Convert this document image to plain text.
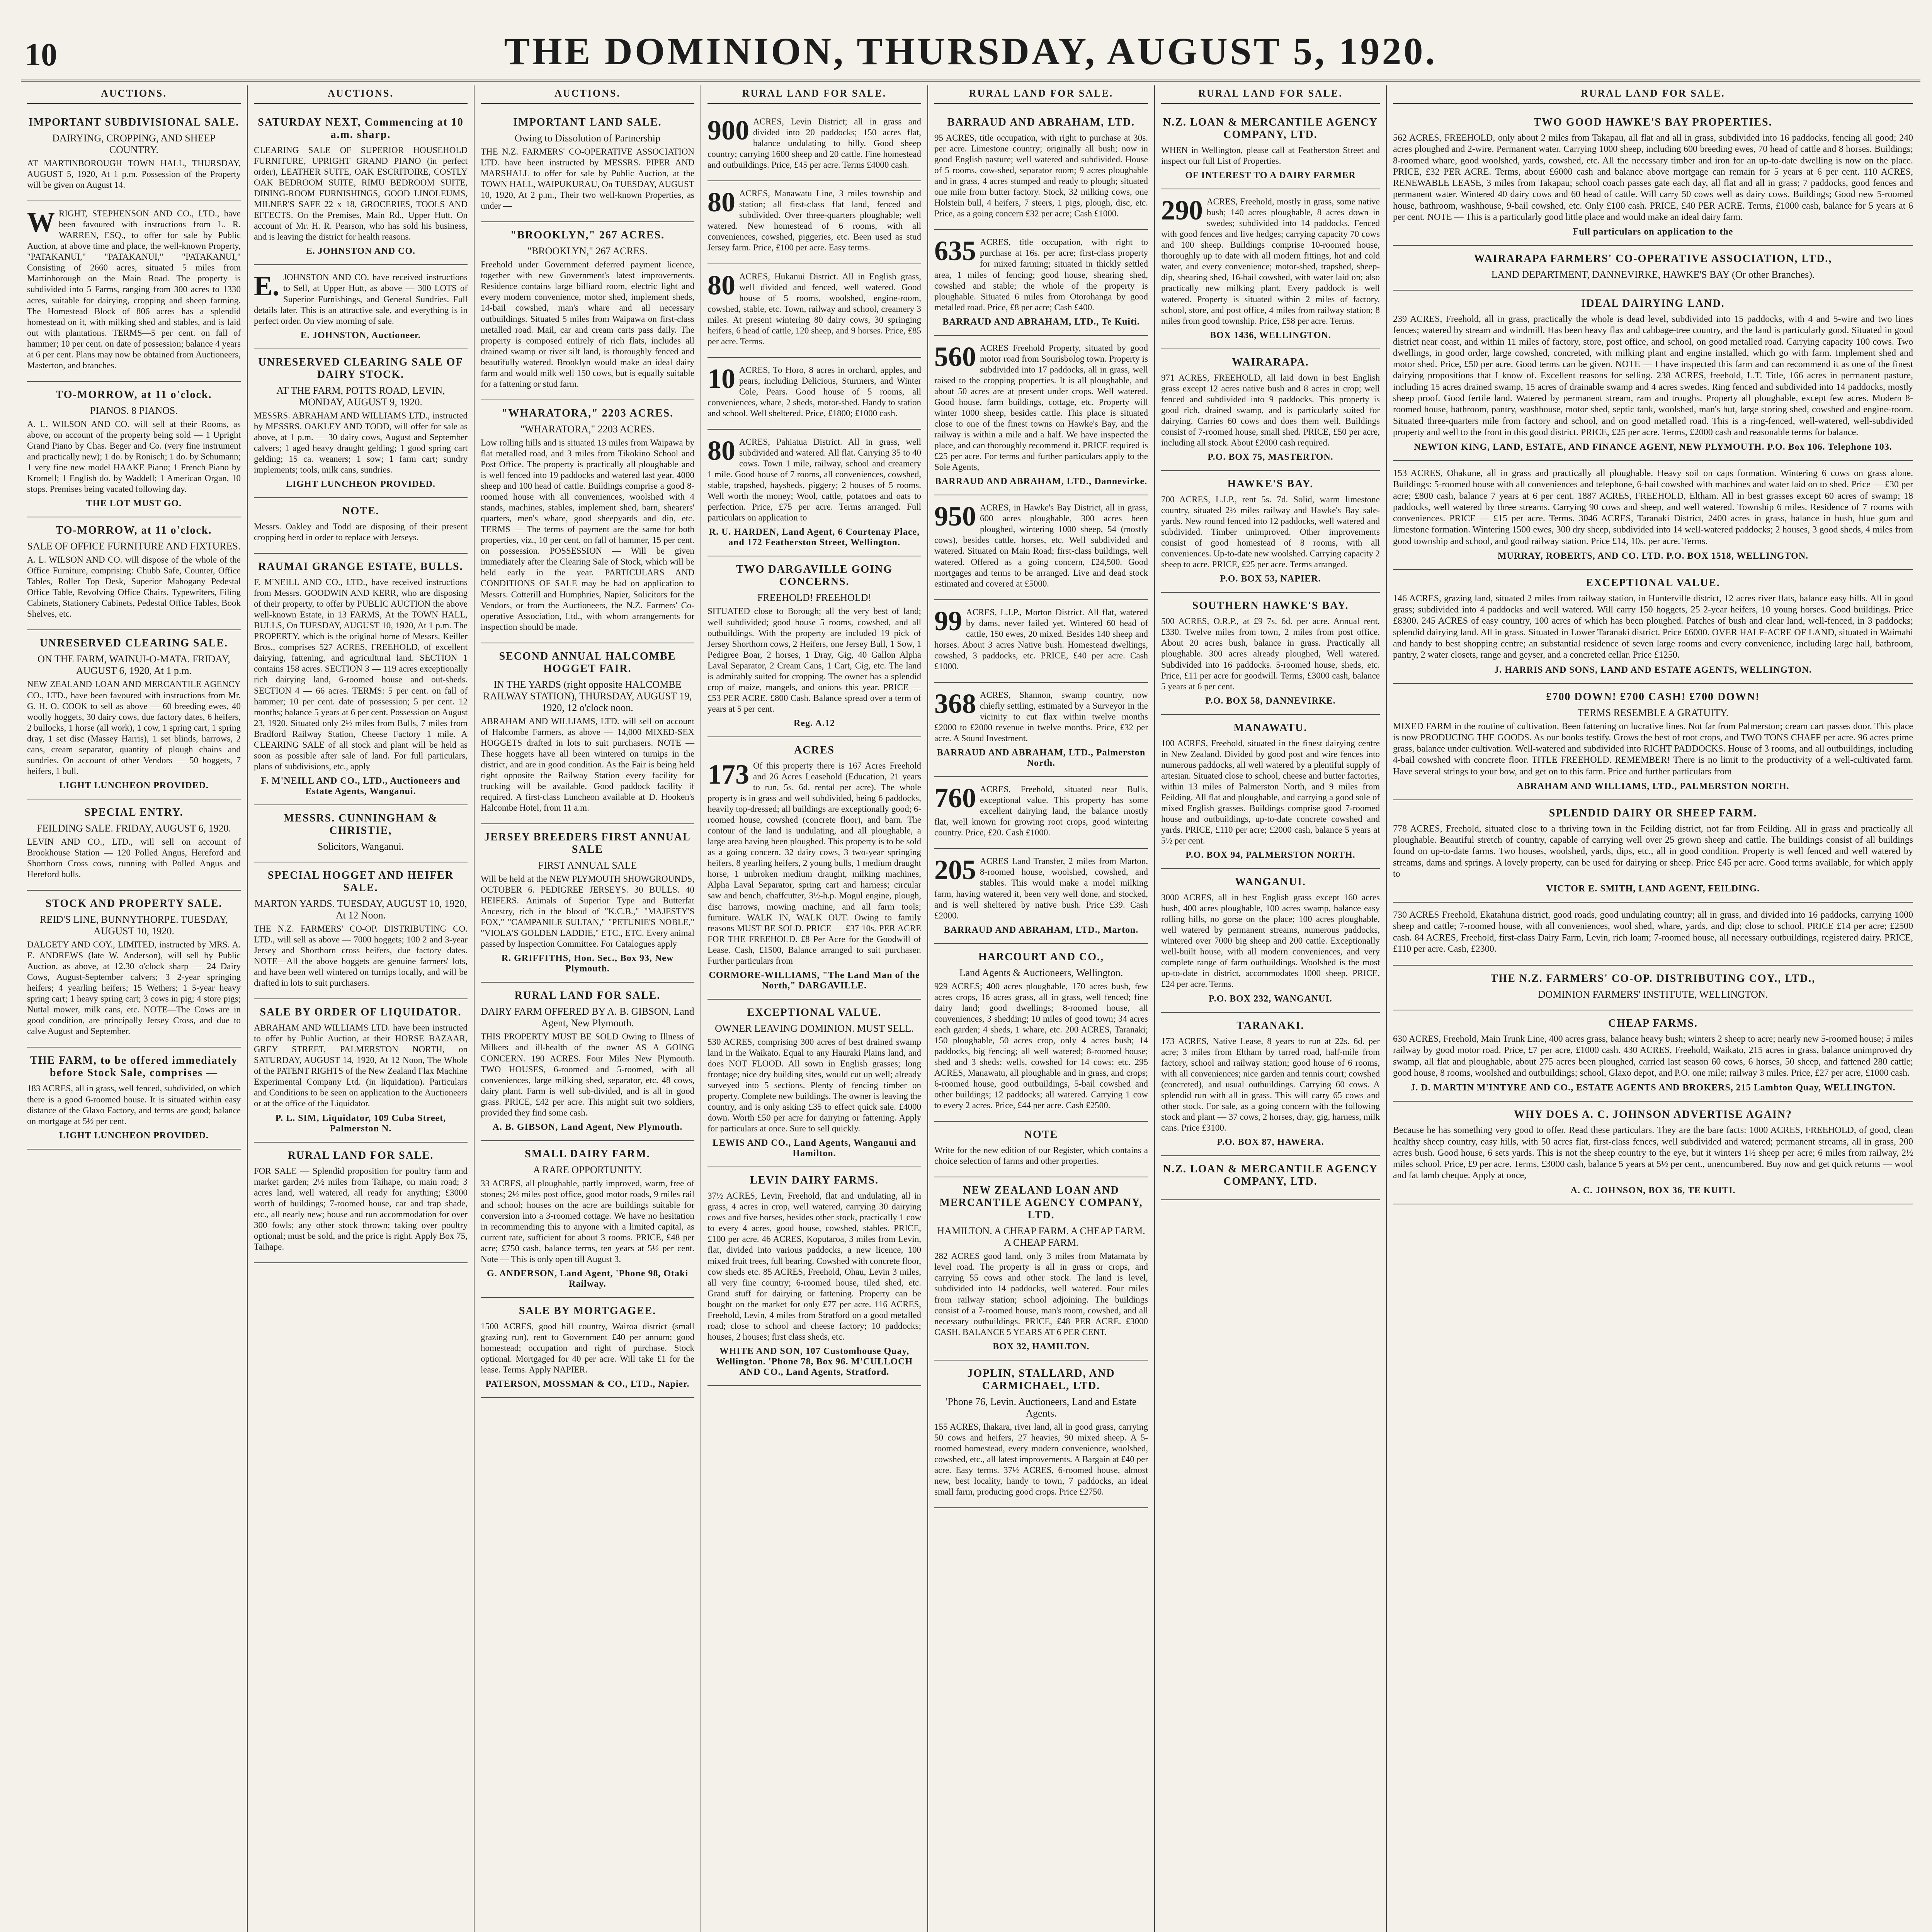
10	THE DOMINION, THURSDAY, AUGUST 5, 1920.
AUCTIONS.
IMPORTANT SUBDIVISIONAL SALE.
DAIRYING, CROPPING, AND SHEEP COUNTRY.
AT MARTINBOROUGH TOWN HALL, THURSDAY, AUGUST 5, 1920, At 1 p.m. Possession of the Property will be given on August 14.
WRIGHT, STEPHENSON AND CO., LTD., have been favoured with instructions from L. R. WARREN, ESQ., to offer for sale by Public Auction, at above time and place, the well-known Property, "PATAKANUI," "PATAKANUI," "PATAKANUI," Consisting of 2660 acres, situated 5 miles from Martinborough on the Main Road. The property is subdivided into 5 Farms, ranging from 300 acres to 1330 acres, suitable for dairying, cropping and sheep farming. The Homestead Block of 806 acres has a splendid homestead on it, with milking shed and stables, and is laid out with plantations. TERMS—5 per cent. on fall of hammer; 10 per cent. on date of possession; balance 4 years at 6 per cent. Plans may now be obtained from Auctioneers, Masterton, and branches.
TO-MORROW, at 11 o'clock.
PIANOS. 8 PIANOS.
A. L. WILSON AND CO. will sell at their Rooms, as above, on account of the property being sold — 1 Upright Grand Piano by Chas. Beger and Co. (very fine instrument and practically new); 1 do. by Ronisch; 1 do. by Schumann; 1 very fine new model HAAKE Piano; 1 French Piano by Kromell; 1 English do. by Waddell; 1 American Organ, 10 stops. Premises being vacated following day.
THE LOT MUST GO.
TO-MORROW, at 11 o'clock.
SALE OF OFFICE FURNITURE AND FIXTURES.
A. L. WILSON AND CO. will dispose of the whole of the Office Furniture, comprising: Chubb Safe, Counter, Office Tables, Roller Top Desk, Superior Mahogany Pedestal Office Table, Revolving Office Chairs, Typewriters, Filing Cabinets, Stationery Cabinets, Pedestal Office Tables, Book Shelves, etc.
UNRESERVED CLEARING SALE.
ON THE FARM, WAINUI-O-MATA. FRIDAY, AUGUST 6, 1920, At 1 p.m.
NEW ZEALAND LOAN AND MERCANTILE AGENCY CO., LTD., have been favoured with instructions from Mr. G. H. O. COOK to sell as above — 60 breeding ewes, 40 woolly hoggets, 30 dairy cows, due factory dates, 6 heifers, 2 bullocks, 1 horse (all work), 1 cow, 1 spring cart, 1 spring dray, 1 set disc (Massey Harris), 1 set blinds, harrows, 2 cans, cream separator, quantity of plough chains and sundries. On account of other Vendors — 50 hoggets, 7 heifers, 1 bull.
LIGHT LUNCHEON PROVIDED.
SPECIAL ENTRY.
FEILDING SALE. FRIDAY, AUGUST 6, 1920.
LEVIN AND CO., LTD., will sell on account of Brookhouse Station — 120 Polled Angus, Hereford and Shorthorn Cross cows, running with Polled Angus and Hereford bulls.
STOCK AND PROPERTY SALE.
REID'S LINE, BUNNYTHORPE. TUESDAY, AUGUST 10, 1920.
DALGETY AND COY., LIMITED, instructed by MRS. A. E. ANDREWS (late W. Anderson), will sell by Public Auction, as above, at 12.30 o'clock sharp — 24 Dairy Cows, August-September calvers; 3 2-year springing heifers; 4 yearling heifers; 15 Wethers; 1 5-year heavy spring cart; 1 heavy spring cart; 3 cows in pig; 4 store pigs; Nuttal mower, milk cans, etc. NOTE—The Cows are in good condition, are principally Jersey Cross, and due to calve August and September.
THE FARM, to be offered immediately before Stock Sale, comprises —
183 ACRES, all in grass, well fenced, subdivided, on which there is a good 6-roomed house. It is situated within easy distance of the Glaxo Factory, and terms are good; balance on mortgage at 5½ per cent.
LIGHT LUNCHEON PROVIDED.
AUCTIONS.
SATURDAY NEXT, Commencing at 10 a.m. sharp.
CLEARING SALE OF SUPERIOR HOUSEHOLD FURNITURE, UPRIGHT GRAND PIANO (in perfect order), LEATHER SUITE, OAK ESCRITOIRE, COSTLY OAK BEDROOM SUITE, RIMU BEDROOM SUITE, DINING-ROOM FURNISHINGS, GOOD LINOLEUMS, MILNER'S SAFE 22 x 18, GROCERIES, TOOLS AND EFFECTS. On the Premises, Main Rd., Upper Hutt. On account of Mr. H. R. Pearson, who has sold his business, and is leaving the district for health reasons.
E. JOHNSTON AND CO.
E. JOHNSTON AND CO. have received instructions to Sell, at Upper Hutt, as above — 300 LOTS of Superior Furnishings, and General Sundries. Full details later. This is an attractive sale, and everything is in perfect order. On view morning of sale.
E. JOHNSTON, Auctioneer.
UNRESERVED CLEARING SALE OF DAIRY STOCK.
AT THE FARM, POTTS ROAD, LEVIN, MONDAY, AUGUST 9, 1920.
MESSRS. ABRAHAM AND WILLIAMS LTD., instructed by MESSRS. OAKLEY AND TODD, will offer for sale as above, at 1 p.m. — 30 dairy cows, August and September calvers; 1 aged heavy draught gelding; 1 good spring cart gelding; 15 ca. weaners; 1 sow; 1 farm cart; sundry implements; tools, milk cans, sundries.
LIGHT LUNCHEON PROVIDED.
NOTE.
Messrs. Oakley and Todd are disposing of their present cropping herd in order to replace with Jerseys.
RAUMAI GRANGE ESTATE, BULLS.
F. M'NEILL AND CO., LTD., have received instructions from Messrs. GOODWIN AND KERR, who are disposing of their property, to offer by PUBLIC AUCTION the above well-known Estate, in 13 FARMS, At the TOWN HALL, BULLS, On TUESDAY, AUGUST 10, 1920, At 1 p.m. The PROPERTY, which is the original home of Messrs. Keiller Bros., comprises 527 ACRES, FREEHOLD, of excellent dairying, fattening, and agricultural land. SECTION 1 contains 158 acres. SECTION 3 — 119 acres exceptionally rich dairying land, 6-roomed house and out-sheds. SECTION 4 — 66 acres. TERMS: 5 per cent. on fall of hammer; 10 per cent. date of possession; 5 per cent. 12 months; balance 5 years at 6 per cent. Possession on August 23, 1920. Situated only 2½ miles from Bulls, 7 miles from Bradford Railway Station, Cheese Factory 1 mile. A CLEARING SALE of all stock and plant will be held as soon as possible after sale of land. For full particulars, plans of subdivisions, etc., apply
F. M'NEILL AND CO., LTD., Auctioneers and Estate Agents, Wanganui.
MESSRS. CUNNINGHAM & CHRISTIE,
Solicitors, Wanganui.
SPECIAL HOGGET AND HEIFER SALE.
MARTON YARDS. TUESDAY, AUGUST 10, 1920, At 12 Noon.
THE N.Z. FARMERS' CO-OP. DISTRIBUTING CO. LTD., will sell as above — 7000 hoggets; 100 2 and 3-year Jersey and Shorthorn cross heifers, due factory dates. NOTE—All the above hoggets are genuine farmers' lots, and have been well wintered on turnips locally, and will be drafted in lots to suit purchasers.
SALE BY ORDER OF LIQUIDATOR.
ABRAHAM AND WILLIAMS LTD. have been instructed to offer by Public Auction, at their HORSE BAZAAR, GREY STREET, PALMERSTON NORTH, on SATURDAY, AUGUST 14, 1920, At 12 Noon, The Whole of the PATENT RIGHTS of the New Zealand Flax Machine Experimental Company Ltd. (in liquidation). Particulars and Conditions to be seen on application to the Auctioneers or at the office of the Liquidator.
P. L. SIM, Liquidator, 109 Cuba Street, Palmerston N.
RURAL LAND FOR SALE.
FOR SALE — Splendid proposition for poultry farm and market garden; 2½ miles from Taihape, on main road; 3 acres land, well watered, all ready for anything; £3000 worth of buildings; 7-roomed house, car and trap shade, etc., all nearly new; house and run accommodation for over 300 fowls; any other stock thrown; taking over poultry optional; must be sold, and the price is right. Apply Box 75, Taihape.
AUCTIONS.
IMPORTANT LAND SALE.
Owing to Dissolution of Partnership
THE N.Z. FARMERS' CO-OPERATIVE ASSOCIATION LTD. have been instructed by MESSRS. PIPER AND MARSHALL to offer for sale by Public Auction, at the TOWN HALL, WAIPUKURAU, On TUESDAY, AUGUST 10, 1920, At 2 p.m., Their two well-known Properties, as under —
"BROOKLYN," 267 ACRES.
"BROOKLYN," 267 ACRES.
Freehold under Government deferred payment licence, together with new Government's latest improvements. Residence contains large billiard room, electric light and every modern convenience, motor shed, implement sheds, 14-bail cowshed, man's whare and all necessary outbuildings. Situated 5 miles from Waipawa on first-class metalled road. Mail, car and cream carts pass daily. The property is composed entirely of rich flats, includes all drained swamp or river silt land, is thoroughly fenced and beautifully watered. Brooklyn would make an ideal dairy farm and would milk well 150 cows, but is equally suitable for a fattening or stud farm.
"WHARATORA," 2203 ACRES.
"WHARATORA," 2203 ACRES.
Low rolling hills and is situated 13 miles from Waipawa by flat metalled road, and 3 miles from Tikokino School and Post Office. The property is practically all ploughable and is well fenced into 19 paddocks and watered last year. 4000 sheep and 100 head of cattle. Buildings comprise a good 8-roomed house with all conveniences, woolshed with 4 stands, machines, stables, implement shed, barn, shearers' quarters, men's whare, good sheepyards and dip, etc. TERMS — The terms of payment are the same for both properties, viz., 10 per cent. on fall of hammer, 15 per cent. on possession. POSSESSION — Will be given immediately after the Clearing Sale of Stock, which will be held early in the year. PARTICULARS AND CONDITIONS OF SALE may be had on application to Messrs. Cotterill and Humphries, Napier, Solicitors for the Vendors, or from the Auctioneers, the N.Z. Farmers' Co-operative Association, Ltd., with whom arrangements for inspection should be made.
SECOND ANNUAL HALCOMBE HOGGET FAIR.
IN THE YARDS (right opposite HALCOMBE RAILWAY STATION), THURSDAY, AUGUST 19, 1920, 12 o'clock noon.
ABRAHAM AND WILLIAMS, LTD. will sell on account of Halcombe Farmers, as above — 14,000 MIXED-SEX HOGGETS drafted in lots to suit purchasers. NOTE — These hoggets have all been wintered on turnips in the district, and are in good condition. As the Fair is being held right opposite the Railway Station every facility for trucking will be available. Good paddock facility if required. A first-class Luncheon available at D. Hooken's Halcombe Hotel, from 11 a.m.
JERSEY BREEDERS FIRST ANNUAL SALE
FIRST ANNUAL SALE
Will be held at the NEW PLYMOUTH SHOWGROUNDS, OCTOBER 6. PEDIGREE JERSEYS. 30 BULLS. 40 HEIFERS. Animals of Superior Type and Butterfat Ancestry, rich in the blood of "K.C.B.," "MAJESTY'S FOX," "CAMPANILE SULTAN," "PETUNIE'S NOBLE," "VIOLA'S GOLDEN LADDIE," ETC., ETC. Every animal passed by Inspection Committee. For Catalogues apply
R. GRIFFITHS, Hon. Sec., Box 93, New Plymouth.
RURAL LAND FOR SALE.
DAIRY FARM OFFERED BY A. B. GIBSON, Land Agent, New Plymouth.
THIS PROPERTY MUST BE SOLD Owing to Illness of Milkers and ill-health of the owner AS A GOING CONCERN. 190 ACRES. Four Miles New Plymouth. TWO HOUSES, 6-roomed and 5-roomed, with all conveniences, large milking shed, separator, etc. 48 cows, dairy plant. Farm is well sub-divided, and is all in good grass. PRICE, £42 per acre. This might suit two soldiers, provided they find some cash.
A. B. GIBSON, Land Agent, New Plymouth.
SMALL DAIRY FARM.
A RARE OPPORTUNITY.
33 ACRES, all ploughable, partly improved, warm, free of stones; 2½ miles post office, good motor roads, 9 miles rail and school; houses on the acre are buildings suitable for conversion into a 3-roomed cottage. We have no hesitation in recommending this to anyone with a limited capital, as current rate, sufficient for about 3 rooms. PRICE, £48 per acre; £750 cash, balance terms, ten years at 5½ per cent. Note — This is only open till August 3.
G. ANDERSON, Land Agent, 'Phone 98, Otaki Railway.
SALE BY MORTGAGEE.
1500 ACRES, good hill country, Wairoa district (small grazing run), rent to Government £40 per annum; good homestead; occupation and right of purchase. Stock optional. Mortgaged for 40 per acre. Will take £1 for the lease. Terms. Apply NAPIER.
PATERSON, MOSSMAN & CO., LTD., Napier.
RURAL LAND FOR SALE.
900 ACRES, Levin District; all in grass and divided into 20 paddocks; 150 acres flat, balance undulating to hilly. Good sheep country; carrying 1600 sheep and 20 cattle. Fine homestead and outbuildings. Price, £45 per acre. Terms £4000 cash.
80 ACRES, Manawatu Line, 3 miles township and station; all first-class flat land, fenced and subdivided. Over three-quarters ploughable; well watered. New homestead of 6 rooms, with all conveniences, cowshed, piggeries, etc. Been used as stud Jersey farm. Price, £100 per acre. Easy terms.
80 ACRES, Hukanui District. All in English grass, well divided and fenced, well watered. Good house of 5 rooms, woolshed, engine-room, cowshed, stable, etc. Town, railway and school, creamery 3 miles. At present wintering 80 dairy cows, 30 springing heifers, 6 head of cattle, 120 sheep, and 9 horses. Price, £85 per acre. Terms.
10 ACRES, To Horo, 8 acres in orchard, apples, and pears, including Delicious, Sturmers, and Winter Cole, Pears. Good house of 5 rooms, all conveniences, whare, 2 sheds, motor-shed. Handy to station and school. Well sheltered. Price, £1800; £1000 cash.
80 ACRES, Pahiatua District. All in grass, well subdivided and watered. All flat. Carrying 35 to 40 cows. Town 1 mile, railway, school and creamery 1 mile. Good house of 7 rooms, all conveniences, cowshed, stable, trapshed, haysheds, piggery; 2 houses of 5 rooms. Well worth the money; Wool, cattle, potatoes and oats to perfection. Price, £75 per acre. Terms arranged. Full particulars on application to
R. U. HARDEN, Land Agent, 6 Courtenay Place, and 172 Featherston Street, Wellington.
TWO DARGAVILLE GOING CONCERNS.
FREEHOLD! FREEHOLD!
SITUATED close to Borough; all the very best of land; well subdivided; good house 5 rooms, cowshed, and all outbuildings. With the property are included 19 pick of Jersey Shorthorn cows, 2 Heifers, one Jersey Bull, 1 Sow, 1 Pedigree Boar, 2 horses, 1 Dray, Gig, 40 Gallon Alpha Laval Separator, 2 Cream Cans, 1 Cart, Gig, etc. The land is admirably suited for cropping. The owner has a splendid crop of maize, mangels, and onions this year. PRICE — £53 PER ACRE. £800 Cash. Balance spread over a term of years at 5 per cent.
Reg. A.12
ACRES
173 Of this property there is 167 Acres Freehold and 26 Acres Leasehold (Education, 21 years to run, 5s. 6d. rental per acre). The whole property is in grass and well subdivided, being 6 paddocks, heavily top-dressed; all buildings are exceptionally good; 6-roomed house, cowshed (concrete floor), and barn. The contour of the land is undulating, and all ploughable, a large area having been ploughed. This property is to be sold as a going concern. 32 dairy cows, 3 two-year springing heifers, 8 yearling heifers, 2 young bulls, 1 medium draught horse, 1 unbroken medium draught, milking machines, Alpha Laval Separator, spring cart and harness; circular saw and bench, chaffcutter, 3½-h.p. Mogul engine, plough, disc harrows, mowing machine, and all farm tools; furniture. WALK IN, WALK OUT. Owing to family reasons MUST BE SOLD. PRICE — £37 10s. PER ACRE FOR THE FREEHOLD. £8 Per Acre for the Goodwill of Lease. Cash, £1500, Balance arranged to suit purchaser. Further particulars from
CORMORE-WILLIAMS, "The Land Man of the North," DARGAVILLE.
EXCEPTIONAL VALUE.
OWNER LEAVING DOMINION. MUST SELL.
530 ACRES, comprising 300 acres of best drained swamp land in the Waikato. Equal to any Hauraki Plains land, and does NOT FLOOD. All sown in English grasses; long frontage; nice dry building sites, would cut up well; already surveyed into 5 sections. Plenty of fencing timber on property. Complete new buildings. The owner is leaving the country, and is only asking £35 to effect quick sale. £4000 down. Worth £50 per acre for dairying or fattening. Apply for particulars at once. Sure to sell quickly.
LEWIS AND CO., Land Agents, Wanganui and Hamilton.
LEVIN DAIRY FARMS.
37½ ACRES, Levin, Freehold, flat and undulating, all in grass, 4 acres in crop, well watered, carrying 30 dairying cows and five horses, besides other stock, practically 1 cow to every 4 acres, good house, cowshed, stables. PRICE, £100 per acre. 46 ACRES, Koputaroa, 3 miles from Levin, flat, divided into various paddocks, a new licence, 100 mixed fruit trees, full bearing. Cowshed with concrete floor, cow sheds etc. 85 ACRES, Freehold, Ohau, Levin 3 miles, all very fine country; 6-roomed house, tiled shed, etc. Grand stuff for dairying or fattening. Property can be bought on the market for only £77 per acre. 116 ACRES, Freehold, Levin, 4 miles from Stratford on a good metalled road; close to school and cheese factory; 10 paddocks; houses, 2 houses; first class sheds, etc.
WHITE AND SON, 107 Customhouse Quay, Wellington. 'Phone 78, Box 96. M'CULLOCH AND CO., Land Agents, Stratford.
RURAL LAND FOR SALE.
BARRAUD AND ABRAHAM, LTD.
95 ACRES, title occupation, with right to purchase at 30s. per acre. Limestone country; originally all bush; now in good English pasture; well watered and subdivided. House of 5 rooms, cow-shed, separator room; 9 acres ploughable and in grass, 4 acres stumped and ready to plough; situated one mile from butter factory. Stock, 32 milking cows, one Holstein bull, 4 heifers, 7 steers, 1 pigs, plough, disc, etc. Price, as a going concern £32 per acre; Cash £1000.
635 ACRES, title occupation, with right to purchase at 16s. per acre; first-class property for mixed farming; situated in thickly settled area, 1 miles of fencing; good house, shearing shed, cowshed and stable; the whole of the property is ploughable. Situated 6 miles from Otorohanga by good metalled road. Price, £8 per acre; Cash £400.
BARRAUD AND ABRAHAM, LTD., Te Kuiti.
560 ACRES Freehold Property, situated by good motor road from Sourisbolog town. Property is subdivided into 17 paddocks, all in grass, well raised to the cropping properties. It is all ploughable, and about 50 acres are at present under crops. Well watered. Good house, farm buildings, cottage, etc. Property will winter 1000 sheep, besides cattle. This place is situated close to one of the finest towns on Hawke's Bay, and the railway is within a mile and a half. We have inspected the place, and can thoroughly recommend it. PRICE required is £25 per acre. For terms and further particulars apply to the Sole Agents,
BARRAUD AND ABRAHAM, LTD., Dannevirke.
950 ACRES, in Hawke's Bay District, all in grass, 600 acres ploughable, 300 acres been ploughed, wintering 1000 sheep, 54 (mostly cows), besides cattle, horses, etc. Well subdivided and watered. Situated on Main Road; first-class buildings, well watered. Offered as a going concern, £24,500. Good mortgages and terms to be arranged. Live and dead stock estimated and covered at £5000.
99 ACRES, L.I.P., Morton District. All flat, watered by dams, never failed yet. Wintered 60 head of cattle, 150 ewes, 20 mixed. Besides 140 sheep and horses. About 3 acres Native bush. Homestead dwellings, cowshed, 3 paddocks, etc. PRICE, £40 per acre. Cash £1000.
368 ACRES, Shannon, swamp country, now chiefly settling, estimated by a Surveyor in the vicinity to cut flax within twelve months £2000 to £2000 revenue in twelve months. Price, £32 per acre. A Sound Investment.
BARRAUD AND ABRAHAM, LTD., Palmerston North.
760 ACRES, Freehold, situated near Bulls, exceptional value. This property has some excellent dairying land, the balance mostly flat, well known for growing root crops, good wintering country. Price, £20. Cash £1000.
205 ACRES Land Transfer, 2 miles from Marton, 8-roomed house, woolshed, cowshed, and stables. This would make a model milking farm, having watered it, been very well done, and stocked, and is well sheltered by native bush. Price £39. Cash £2000.
BARRAUD AND ABRAHAM, LTD., Marton.
HARCOURT AND CO.,
Land Agents & Auctioneers, Wellington.
929 ACRES; 400 acres ploughable, 170 acres bush, few acres crops, 16 acres grass, all in grass, well fenced; fine dairy land; good dwellings; 8-roomed house, all conveniences, 3 shedding; 10 miles of good town; 34 acres each garden; 4 sheds, 1 whare, etc. 200 ACRES, Taranaki; 150 ploughable, 50 acres crop, only 4 acres bush; 14 paddocks, big fencing; all well watered; 8-roomed house; shed and 3 sheds; wells, cowshed for 14 cows; etc. 295 ACRES, Manawatu, all ploughable and in grass, and crops; 6-roomed house, good outbuildings, 5-bail cowshed and other buildings; 12 paddocks; all watered. Carrying 1 cow to every 2 acres. Price, £44 per acre. Cash £2500.
NOTE
Write for the new edition of our Register, which contains a choice selection of farms and other properties.
NEW ZEALAND LOAN AND MERCANTILE AGENCY COMPANY, LTD.
HAMILTON. A CHEAP FARM. A CHEAP FARM. A CHEAP FARM.
282 ACRES good land, only 3 miles from Matamata by level road. The property is all in grass or crops, and carrying 55 cows and other stock. The land is level, subdivided into 14 paddocks, well watered. Four miles from railway station; school adjoining. The buildings consist of a 7-roomed house, man's room, cowshed, and all necessary outbuildings. PRICE, £48 PER ACRE. £3000 CASH. BALANCE 5 YEARS AT 6 PER CENT.
BOX 32, HAMILTON.
JOPLIN, STALLARD, AND CARMICHAEL, LTD.
'Phone 76, Levin. Auctioneers, Land and Estate Agents.
155 ACRES, Ihakara, river land, all in good grass, carrying 50 cows and heifers, 27 heavies, 90 mixed sheep. A 5-roomed homestead, every modern convenience, woolshed, cowshed, etc., all latest improvements. A Bargain at £40 per acre. Easy terms. 37½ ACRES, 6-roomed house, almost new, best locality, handy to town, 7 paddocks, an ideal small farm, producing good crops. Price £2750.
RURAL LAND FOR SALE.
N.Z. LOAN & MERCANTILE AGENCY COMPANY, LTD.
WHEN in Wellington, please call at Featherston Street and inspect our full List of Properties.
OF INTEREST TO A DAIRY FARMER
290 ACRES, Freehold, mostly in grass, some native bush; 140 acres ploughable, 8 acres down in swedes; subdivided into 14 paddocks. Fenced with good fences and live hedges; carrying capacity 70 cows and 100 sheep. Buildings comprise 10-roomed house, thoroughly up to date with all modern fittings, hot and cold water, and every convenience; motor-shed, trapshed, sheep-dip, shearing shed, 16-bail cowshed, with water laid on; also practically new milking plant. Every paddock is well watered. Property is situated within 2 miles of factory, school, store, and post office, 4 miles from railway station; 8 miles from good township. Price, £58 per acre. Terms.
BOX 1436, WELLINGTON.
WAIRARAPA.
971 ACRES, FREEHOLD, all laid down in best English grass except 12 acres native bush and 8 acres in crop; well fenced and subdivided into 9 paddocks. This property is good rich, drained swamp, and is particularly suited for dairying. Carries 60 cows and does them well. Buildings consist of 7-roomed house, small shed. PRICE, £50 per acre, including all stock. About £2000 cash required.
P.O. BOX 75, MASTERTON.
HAWKE'S BAY.
700 ACRES, L.I.P., rent 5s. 7d. Solid, warm limestone country, situated 2½ miles railway and Hawke's Bay sale-yards. New round fenced into 12 paddocks, well watered and subdivided. Timber unimproved. Other improvements consist of good homestead of 8 rooms, with all conveniences. Up-to-date new woolshed. Carrying capacity 2 sheep to acre. PRICE, £25 per acre. Terms arranged.
P.O. BOX 53, NAPIER.
SOUTHERN HAWKE'S BAY.
500 ACRES, O.R.P., at £9 7s. 6d. per acre. Annual rent, £330. Twelve miles from town, 2 miles from post office. About 20 acres bush, balance in grass. Practically all ploughable. 300 acres already ploughed, Well watered. Subdivided into 16 paddocks. 5-roomed house, sheds, etc. Price, £11 per acre for goodwill. Terms, £3000 cash, balance 5 years at 6 per cent.
P.O. BOX 58, DANNEVIRKE.
MANAWATU.
100 ACRES, Freehold, situated in the finest dairying centre in New Zealand. Divided by good post and wire fences into numerous paddocks, all well watered by a plentiful supply of artesian. Situated close to school, cheese and butter factories, within 13 miles of Palmerston North, and 9 miles from Feilding. All flat and ploughable, and carrying a good sole of mixed English grasses. Buildings comprise good 7-roomed house and outbuildings, up-to-date concrete cowshed and yards. PRICE, £110 per acre; £2000 cash, balance 5 years at 5½ per cent.
P.O. BOX 94, PALMERSTON NORTH.
WANGANUI.
3000 ACRES, all in best English grass except 160 acres bush, 400 acres ploughable, 100 acres swamp, balance easy rolling hills, no gorse on the place; 100 acres ploughable, well watered by permanent streams, numerous paddocks, wintered over 7000 big sheep and 200 cattle. Exceptionally well-built house, with all modern conveniences, and very complete range of farm outbuildings. Woolshed is the most up-to-date in district, accommodates 1000 sheep. PRICE, £24 per acre. Terms.
P.O. BOX 232, WANGANUI.
TARANAKI.
173 ACRES, Native Lease, 8 years to run at 22s. 6d. per acre; 3 miles from Eltham by tarred road, half-mile from factory, school and railway station; good house of 6 rooms, with all conveniences; nice garden and tennis court; cowshed (concreted), and usual outbuildings. Carrying 60 cows. A splendid run with all in grass. This will carry 65 cows and other stock. For sale, as a going concern with the following stock and plant — 37 cows, 2 horses, dray, gig, harness, milk cans. Price £3100.
P.O. BOX 87, HAWERA.
N.Z. LOAN & MERCANTILE AGENCY COMPANY, LTD.
RURAL LAND FOR SALE.
TWO GOOD HAWKE'S BAY PROPERTIES.
562 ACRES, FREEHOLD, only about 2 miles from Takapau, all flat and all in grass, subdivided into 16 paddocks, fencing all good; 240 acres ploughed and 2-wire. Permanent water. Carrying 1000 sheep, including 600 breeding ewes, 70 head of cattle and 8 horses. Buildings; 8-roomed whare, good woolshed, yards, cowshed, etc. All the necessary timber and iron for an up-to-date dwelling is now on the place. PRICE, £32 PER ACRE. Terms, about £6000 cash and balance above mortgage can remain for 5 years at 6 per cent. 110 ACRES, RENEWABLE LEASE, 3 miles from Takapau; school coach passes gate each day, all flat and all in grass; 7 paddocks, good fences and permanent water. Wintered 40 dairy cows and 60 head of cattle. Will carry 50 cows well as dairy cows. Buildings; Good new 5-roomed house, bathroom, washhouse, 9-bail cowshed, etc. Only £100 cash. PRICE, £40 PER ACRE. Terms, £1000 cash, balance for 5 years at 6 per cent. NOTE — This is a particularly good little place and would make an ideal dairy farm.
Full particulars on application to the
WAIRARAPA FARMERS' CO-OPERATIVE ASSOCIATION, LTD.,
LAND DEPARTMENT, DANNEVIRKE, HAWKE'S BAY (Or other Branches).
IDEAL DAIRYING LAND.
239 ACRES, Freehold, all in grass, practically the whole is dead level, subdivided into 15 paddocks, with 4 and 5-wire and two lines fences; watered by stream and windmill. Has been heavy flax and cabbage-tree country, and the land is particularly good. Situated in good district near coast, and within 11 miles of factory, store, post office, and school, on good metalled road. Carrying capacity 100 cows. Two dwellings, in good order, large cowshed, concreted, with milking plant and engine installed, which go with farm. Implement shed and motor shed. Price, £50 per acre. Good terms can be given. NOTE — I have inspected this farm and can recommend it as one of the finest dairying propositions that I know of. Excellent reasons for selling. 238 ACRES, freehold, L.T. Title, 166 acres in permanent pasture, including 15 acres drained swamp, 15 acres of drainable swamp and 4 acres swedes. Ring fenced and subdivided into 14 paddocks, mostly sheep proof. Good fertile land. Watered by permanent stream, ram and troughs. Property all ploughable, except few acres. Modern 8-roomed house, bathroom, pantry, washhouse, motor shed, septic tank, woolshed, man's hut, large storing shed, cowshed and engine-room. Situated three-quarters mile from factory and school, and on good metalled road. This is a ring-fenced, well-watered, well-subdivided property and well to the front in this good district. PRICE, £25 per acre. Terms, £2000 cash and reasonable terms for balance.
NEWTON KING, LAND, ESTATE, AND FINANCE AGENT, NEW PLYMOUTH. P.O. Box 106. Telephone 103.
153 ACRES, Ohakune, all in grass and practically all ploughable. Heavy soil on caps formation. Wintering 6 cows on grass alone. Buildings: 5-roomed house with all conveniences and telephone, 6-bail cowshed with machines and water laid on to shed. Price — £30 per acre; £800 cash, balance 7 years at 6 per cent. 1887 ACRES, FREEHOLD, Eltham. All in best grasses except 60 acres of swamp; 18 paddocks, well watered by three streams. Carrying 90 cows and sheep, and well watered. Township 6 miles. Residence of 7 rooms with conveniences. PRICE — £15 per acre. Terms. 3046 ACRES, Taranaki District, 2400 acres in grass, balance in bush, blue gum and limestone formation. Wintering 1500 ewes, 300 dry sheep, subdivided into 14 well-watered paddocks; 2 houses, 3 good sheds, 4 miles from good township and school, and good railway station. Price £14, 10s. per acre. Terms.
MURRAY, ROBERTS, AND CO. LTD. P.O. BOX 1518, WELLINGTON.
EXCEPTIONAL VALUE.
146 ACRES, grazing land, situated 2 miles from railway station, in Hunterville district, 12 acres river flats, balance easy hills. All in good grass; subdivided into 4 paddocks and well watered. Will carry 150 hoggets, 25 2-year heifers, 10 young horses. Good buildings. Price £8300. 245 ACRES of easy country, 100 acres of which has been ploughed. Patches of bush and clear land, well-fenced, in 3 paddocks; splendid dairying land. All in grass. Situated in Lower Taranaki district. Price £6000. OVER HALF-ACRE OF LAND, situated in Waimahi and handy to best shopping centre; an substantial residence of seven large rooms and every convenience, including large hall, bathroom, pantry, 2 water closets, range and geyser, and a concreted cellar. Price £1250.
J. HARRIS AND SONS, LAND AND ESTATE AGENTS, WELLINGTON.
£700 DOWN! £700 CASH! £700 DOWN!
TERMS RESEMBLE A GRATUITY.
MIXED FARM in the routine of cultivation. Been fattening on lucrative lines. Not far from Palmerston; cream cart passes door. This place is now PRODUCING THE GOODS. As our books testify. Grows the best of root crops, and TWO TONS CHAFF per acre. 96 acres prime grass, balance under cultivation. Well-watered and subdivided into RIGHT PADDOCKS. House of 3 rooms, and all outbuildings, including 4-bail cowshed with concrete floor. TITLE FREEHOLD. REMEMBER! There is no limit to the productivity of a well-cultivated farm. Have several strings to your bow, and get on to this farm. Price and further particulars from
ABRAHAM AND WILLIAMS, LTD., PALMERSTON NORTH.
SPLENDID DAIRY OR SHEEP FARM.
778 ACRES, Freehold, situated close to a thriving town in the Feilding district, not far from Feilding. All in grass and practically all ploughable. Beautiful stretch of country, capable of carrying well over 25 grown sheep and cattle. The buildings consist of all buildings found on up-to-date farms. Two houses, woolshed, yards, dips, etc., all in good condition. Property is well fenced and well watered by streams, dams and springs. A lovely property, can be used for dairying or sheep. Price £45 per acre. Good terms available, for which apply to
VICTOR E. SMITH, LAND AGENT, FEILDING.
730 ACRES Freehold, Ekatahuna district, good roads, good undulating country; all in grass, and divided into 16 paddocks, carrying 1000 sheep and cattle; 7-roomed house, with all conveniences, wool shed, whare, yards, and dip; close to school. PRICE £14 per acre; £2500 cash. 84 ACRES, Freehold, first-class Dairy Farm, Levin, rich loam; 7-roomed house, all necessary outbuildings, registered dairy. PRICE, £110 per acre. Cash, £2300.
THE N.Z. FARMERS' CO-OP. DISTRIBUTING COY., LTD.,
DOMINION FARMERS' INSTITUTE, WELLINGTON.
CHEAP FARMS.
630 ACRES, Freehold, Main Trunk Line, 400 acres grass, balance heavy bush; winters 2 sheep to acre; nearly new 5-roomed house; 5 miles railway by good motor road. Price, £7 per acre, £1000 cash. 430 ACRES, Freehold, Waikato, 215 acres in grass, balance unimproved dry swamp, all flat and ploughable, about 275 acres been ploughed, carried last season 60 cows, 6 horses, 50 sheep, and fattened 280 cattle; good house, 8 rooms, woolshed and outbuildings; school, Glaxo depot, and P.O. one mile; railway 3 miles. Price, £27 per acre, £1000 cash.
J. D. MARTIN M'INTYRE AND CO., ESTATE AGENTS AND BROKERS, 215 Lambton Quay, WELLINGTON.
WHY DOES A. C. JOHNSON ADVERTISE AGAIN?
Because he has something very good to offer. Read these particulars. They are the bare facts: 1000 ACRES, FREEHOLD, of good, clean healthy sheep country, easy hills, with 50 acres flat, first-class fences, well subdivided and watered; permanent streams, all in grass, 200 acres bush. Good house, 6 sets yards. This is not the sheep country to the eye, but it winters 1½ sheep per acre; 6 miles from railway, 2½ miles school. Price, £9 per acre. Terms, £3000 cash, balance 5 years at 5½ per cent., unencumbered. Buy now and get quick returns — wool and fat lamb cheque. Apply at once,
A. C. JOHNSON, BOX 36, TE KUITI.
